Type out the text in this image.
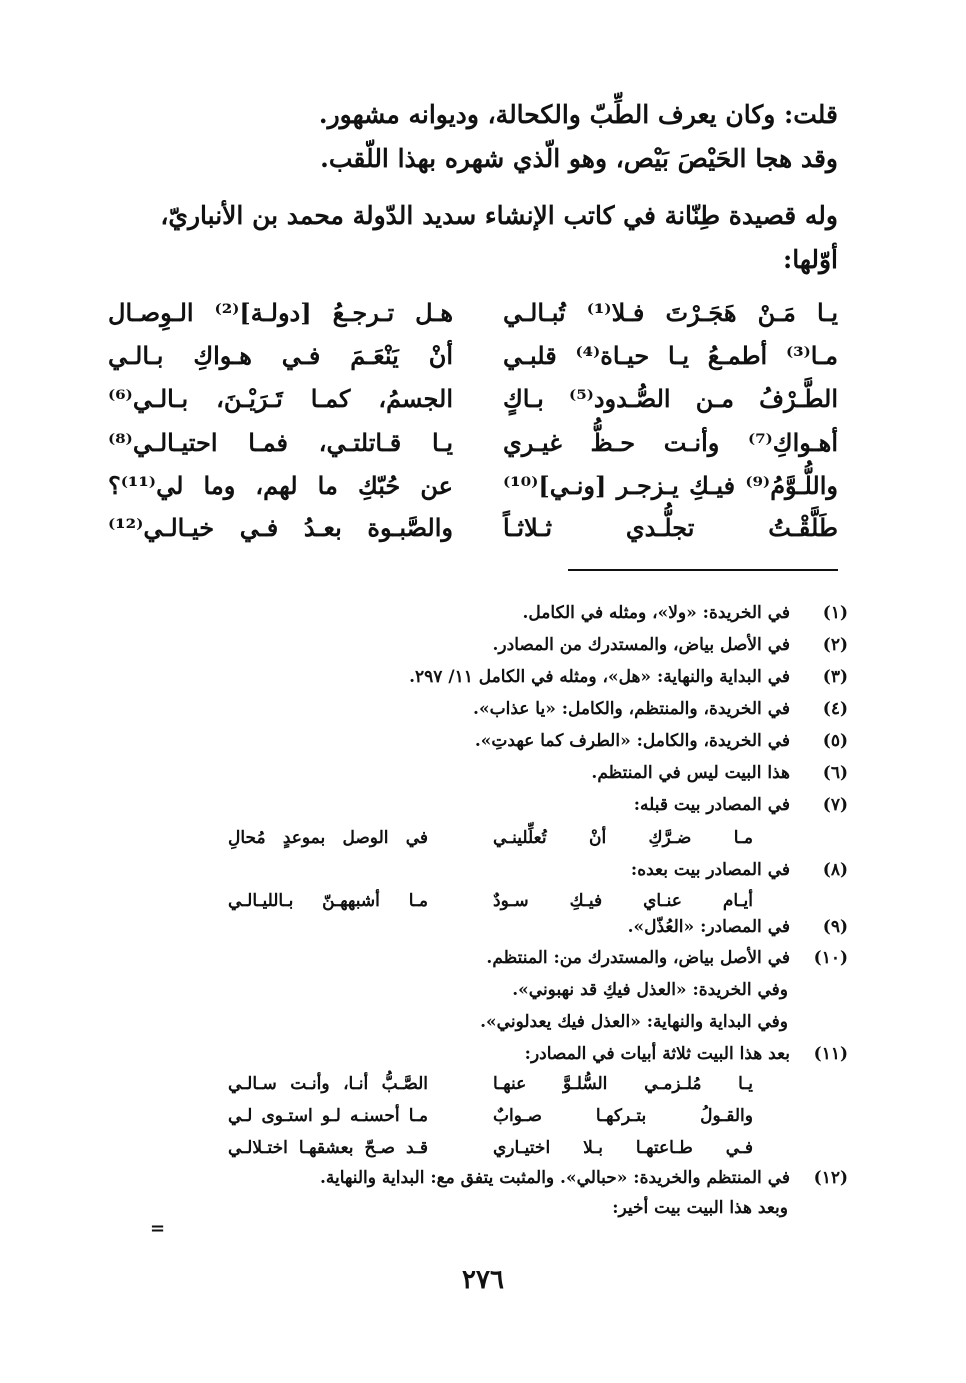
قلت: وكان يعرف الطِّبّ والكحالة، وديوانه مشهور.
وقد هجا الحَيْصَ بَيْص، وهو الّذي شهره بهذا اللّقب.
وله قصيدة طِنّانة في كاتب الإنشاء سديد الدّولة محمد بن الأنباريّ،
أوّلها:
يـا مَـنْ هَجَـرْتَ فـلا⁽¹⁾ تُبـالـي
هـل تـرجـعُ [دولـة]⁽²⁾ الـوِصـال
مـا⁽³⁾ أطمـعُ يـا حيـاة⁽⁴⁾ قلبـي
أنْ يَنْعَـمَ فـي هـواكِ بـالـي
الطَّـرْفُ مـن الصُّـدود⁽⁵⁾ بـاكٍ
الجسمُ، كمـا تَـرَيْـنَ، بـالـي⁽⁶⁾
أهـواكِ⁽⁷⁾ وأنـت حـظُّ غيـري
يـا قـاتلتـي، فمـا احتيـالـي⁽⁸⁾
واللُّـوَّمُ⁽⁹⁾ فيـكِ يـزجـر [ونـي]⁽¹⁰⁾
عن حُبّكِ ما لهم، وما لي⁽¹¹⁾؟
طَلَّقْـتُ تجلُّـدي ثـلاثـاً
والصَّبـوة بعـدُ فـي خيـالـي⁽¹²⁾
(١)
في الخريدة: «ولا»، ومثله في الكامل.
(٢)
في الأصل بياض، والمستدرك من المصادر.
(٣)
في البداية والنهاية: «هل»، ومثله في الكامل ١١/ ٢٩٧.
(٤)
في الخريدة، والمنتظم، والكامل: «يا عذاب».
(٥)
في الخريدة، والكامل: «الطرف كما عهدتِ».
(٦)
هذا البيت ليس في المنتظم.
(٧)
في المصادر بيت قبله:
مـا ضـرَّكِ أنْ تُعلِّلينـي
في الوصل بموعدٍ مُحالِ
(٨)
في المصادر بيت بعده:
أيـام عنـاي فيـكِ سـودٌ
مـا أشبههـنّ بـالليـالـي
(٩)
في المصادر: «العُذّل».
(١٠)
في الأصل بياض، والمستدرك من: المنتظم.
وفي الخريدة: «العذل فيكِ قد نهبوني».
وفي البداية والنهاية: «العذل فيك يعدلوني».
(١١)
بعد هذا البيت ثلاثة أبيات في المصادر:
يـا مُلـزمـي السُّلـوَّ عنهـا
الصَّـبُّ أنـا، وأنـت سـالـي
والقـولُ بتـركهـا صـوابٌ
مـا أحسنـه لـو استـوى لـي
فـي طـاعتهـا بـلا اختيـاري
قـد صـحّ بعشقهـا اختـلالـي
(١٢)
في المنتظم والخريدة: «حبالي». والمثبت يتفق مع: البداية والنهاية.
وبعد هذا البيت بيت أخير:
=
٢٧٦
